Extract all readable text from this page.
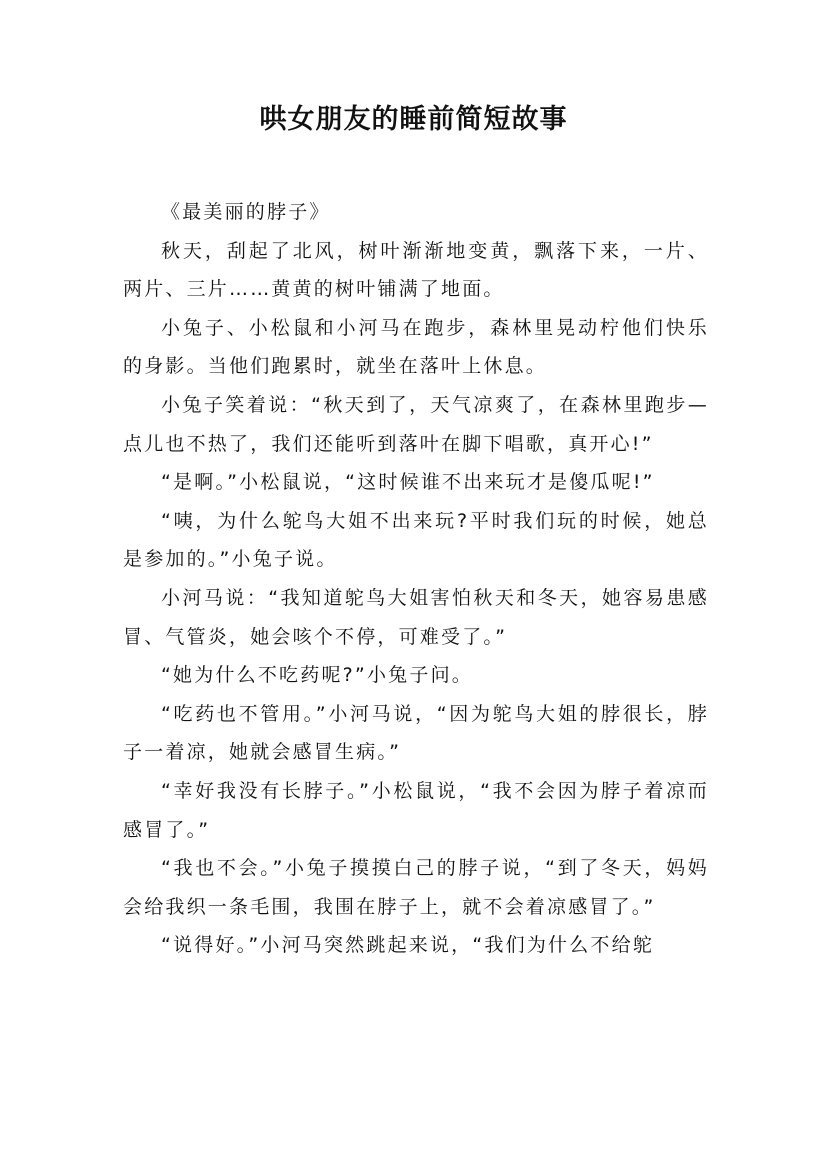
哄女朋友的睡前简短故事

《最美丽的脖子》

秋天，刮起了北风，树叶渐渐地变黄，飘落下来，一片、两片、三片……黄黄的树叶铺满了地面。

小兔子、小松鼠和小河马在跑步，森林里晃动柠他们快乐的身影。当他们跑累时，就坐在落叶上休息。

小兔子笑着说：“秋天到了，天气凉爽了，在森林里跑步—点儿也不热了，我们还能听到落叶在脚下唱歌，真开心!”

“是啊。”小松鼠说，“这时候谁不出来玩才是傻瓜呢!”

“咦，为什么鸵鸟大姐不出来玩?平时我们玩的时候，她总是参加的。”小兔子说。

小河马说：“我知道鸵鸟大姐害怕秋天和冬天，她容易患感冒、气管炎，她会咳个不停，可难受了。”

“她为什么不吃药呢?”小兔子问。

“吃药也不管用。”小河马说，“因为鸵鸟大姐的脖很长，脖子一着凉，她就会感冒生病。”

“幸好我没有长脖子。”小松鼠说，“我不会因为脖子着凉而感冒了。”

“我也不会。”小兔子摸摸白己的脖子说，“到了冬天，妈妈会给我织一条毛围，我围在脖子上，就不会着凉感冒了。”

“说得好。”小河马突然跳起来说，“我们为什么不给鸵
